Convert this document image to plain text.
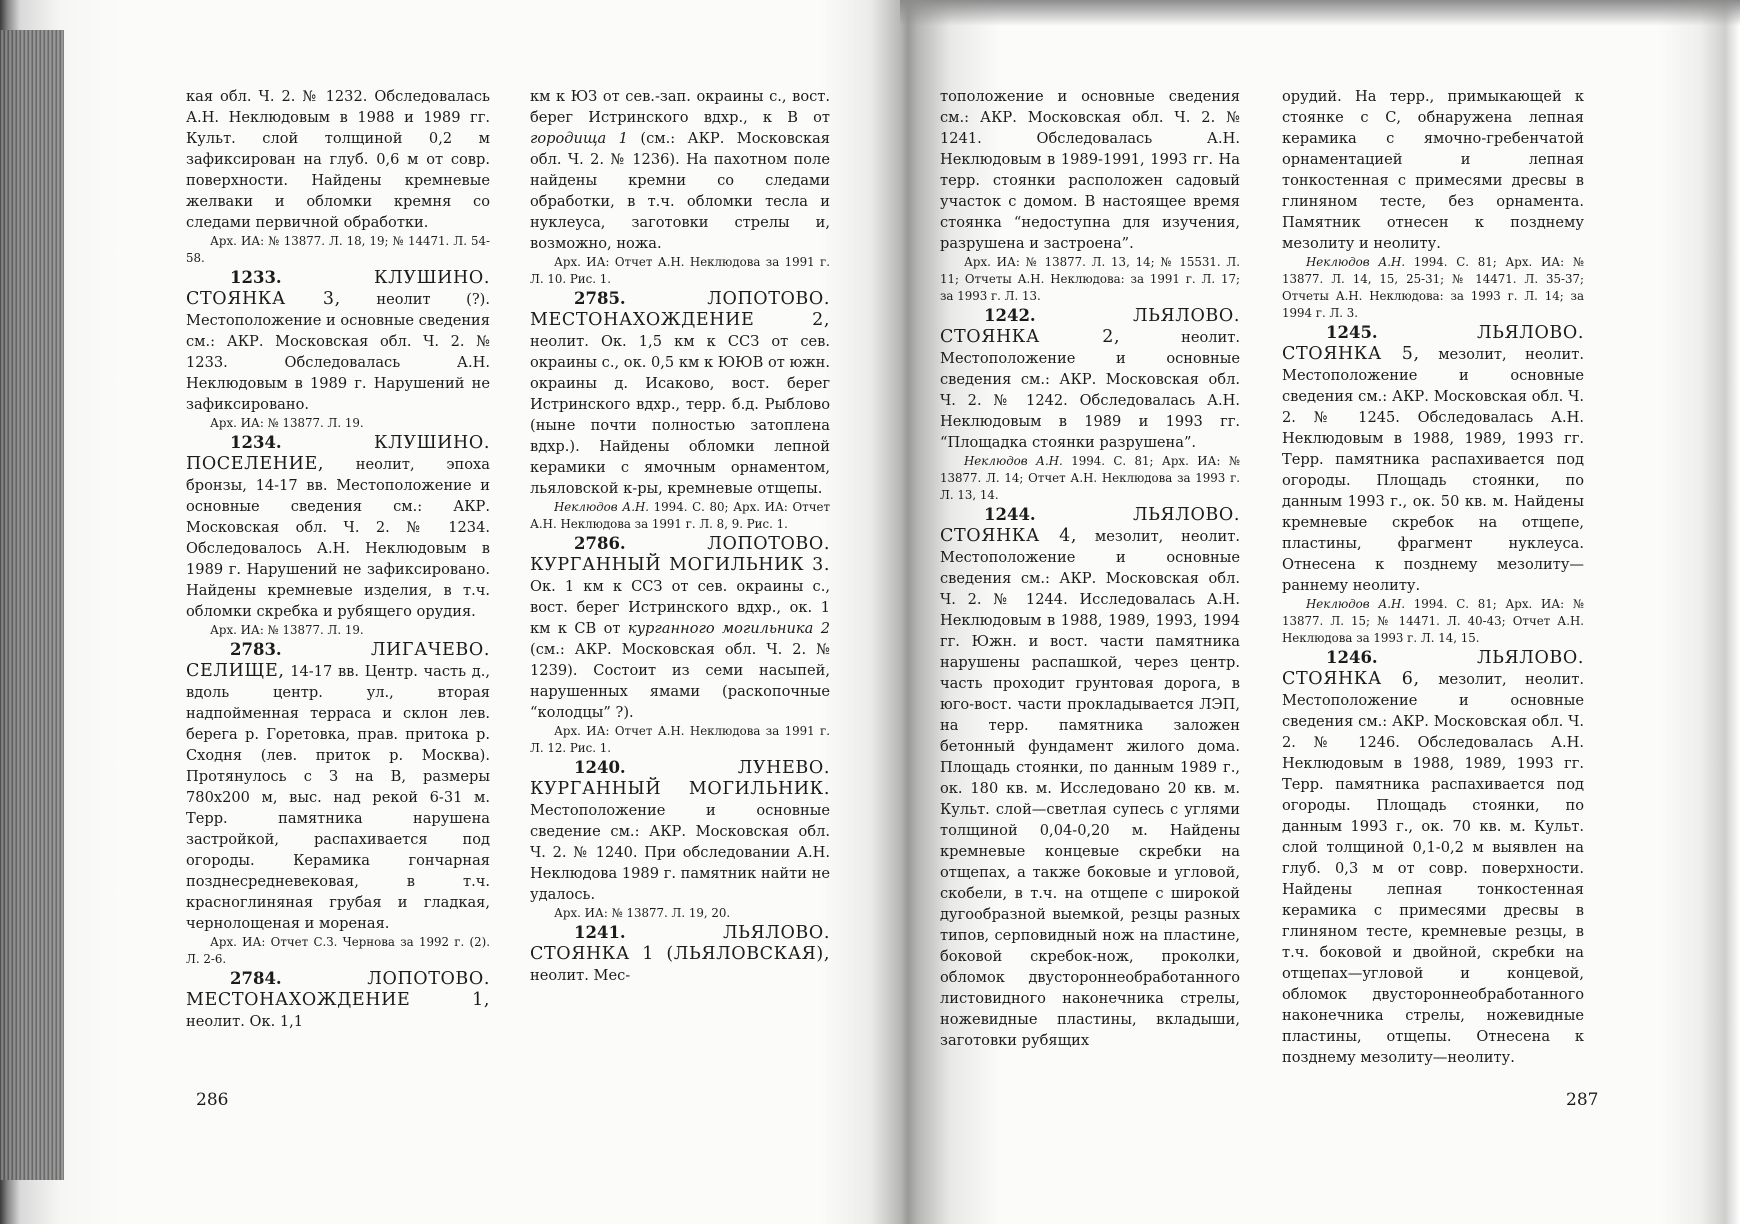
кая обл. Ч. 2. № 1232. Обследовалась А.Н. Неклюдовым в 1988 и 1989 гг. Культ. слой толщиной 0,2 м зафиксирован на глуб. 0,6 м от совр. поверхности. Найдены кремневые желваки и обломки кремня со следами первичной обработки.

Арх. ИА: № 13877. Л. 18, 19; № 14471. Л. 54-58.

1233.	КЛУШИНО. СТОЯНКА 3, неолит (?). Местоположение и основные сведения см.: АКР. Московская обл. Ч. 2. № 1233. Обследовалась А.Н. Неклюдовым в 1989 г. Нарушений не зафиксировано.

Арх. ИА: № 13877. Л. 19.

1234.	КЛУШИНО. ПОСЕЛЕНИЕ, неолит, эпоха бронзы, 14-17 вв. Местоположение и основные сведения см.: АКР. Московская обл. Ч. 2. № 1234. Обследовалось А.Н. Неклюдовым в 1989 г. Нарушений не зафиксировано. Найдены кремневые изделия, в т.ч. обломки скребка и рубящего орудия.

Арх. ИА: № 13877. Л. 19.

2783.	ЛИГАЧЕВО. СЕЛИЩЕ, 14-17 вв. Центр. часть д., вдоль центр. ул., вторая надпойменная терраса и склон лев. берега р. Горетовка, прав. притока р. Сходня (лев. приток р. Москва). Протянулось с З на В, размеры 780х200 м, выс. над рекой 6-31 м. Терр. памятника нарушена застройкой, распахивается под огороды. Керамика гончарная позднесредневековая, в т.ч. красноглиняная грубая и гладкая, чернолощеная и мореная.

Арх. ИА: Отчет С.З. Чернова за 1992 г. (2). Л. 2-6.

2784.	ЛОПОТОВО. МЕСТОНАХОЖДЕНИЕ 1, неолит. Ок. 1,1

км к ЮЗ от сев.-зап. окраины с., вост. берег Истринского вдхр., к В от городища 1 (см.: АКР. Московская обл. Ч. 2. № 1236). На пахотном поле найдены кремни со следами обработки, в т.ч. обломки тесла и нуклеуса, заготовки стрелы и, возможно, ножа.

Арх. ИА: Отчет А.Н. Неклюдова за 1991 г. Л. 10. Рис. 1.

2785.	ЛОПОТОВО. МЕСТОНАХОЖДЕНИЕ 2, неолит. Ок. 1,5 км к ССЗ от сев. окраины с., ок. 0,5 км к ЮЮВ от южн. окраины д. Исаково, вост. берег Истринского вдхр., терр. б.д. Рыблово (ныне почти полностью затоплена вдхр.). Найдены обломки лепной керамики с ямочным орнаментом, льяловской к-ры, кремневые отщепы.

Неклюдов А.Н. 1994. С. 80; Арх. ИА: Отчет А.Н. Неклюдова за 1991 г. Л. 8, 9. Рис. 1.

2786.	ЛОПОТОВО. КУРГАННЫЙ МОГИЛЬНИК 3. Ок. 1 км к ССЗ от сев. окраины с., вост. берег Истринского вдхр., ок. 1 км к СВ от курганного могильника 2 (см.: АКР. Московская обл. Ч. 2. № 1239). Состоит из семи насыпей, нарушенных ямами (раскопочные “колодцы” ?).

Арх. ИА: Отчет А.Н. Неклюдова за 1991 г. Л. 12. Рис. 1.

1240.	ЛУНЕВО. КУРГАННЫЙ МОГИЛЬНИК. Местоположение и основные сведение см.: АКР. Московская обл. Ч. 2. № 1240. При обследовании А.Н. Неклюдова 1989 г. памятник найти не удалось.

Арх. ИА: № 13877. Л. 19, 20.

1241.	ЛЬЯЛОВО. СТОЯНКА 1 (ЛЬЯЛОВСКАЯ), неолит. Мес-

286

тоположение и основные сведения см.: АКР. Московская обл. Ч. 2. № 1241. Обследовалась А.Н. Неклюдовым в 1989-1991, 1993 гг. На терр. стоянки расположен садовый участок с домом. В настоящее время стоянка “недоступна для изучения, разрушена и застроена”.

Арх. ИА: № 13877. Л. 13, 14; № 15531. Л. 11; Отчеты А.Н. Неклюдова: за 1991 г. Л. 17; за 1993 г. Л. 13.

1242.	ЛЬЯЛОВО. СТОЯНКА 2,	неолит. Местоположение и основные сведения см.: АКР. Московская обл. Ч. 2. № 1242. Обследовалась А.Н. Неклюдовым в 1989 и 1993 гг. “Площадка стоянки разрушена”.

Неклюдов А.Н. 1994. С. 81; Арх. ИА: № 13877. Л. 14; Отчет А.Н. Неклюдова за 1993 г. Л. 13, 14.

1244.	ЛЬЯЛОВО. СТОЯНКА 4, мезолит, неолит. Местоположение и основные сведения см.: АКР. Московская обл. Ч. 2. № 1244. Исследовалась А.Н. Неклюдовым в 1988, 1989, 1993, 1994 гг. Южн. и вост. части памятника нарушены распашкой, через центр. часть проходит грунтовая дорога, в юго-вост. части прокладывается ЛЭП, на терр. памятника заложен бетонный фундамент жилого дома. Площадь стоянки, по данным 1989 г., ок. 180 кв. м. Исследовано 20 кв. м. Культ. слой—светлая супесь с углями толщиной 0,04-0,20 м. Найдены кремневые концевые скребки на отщепах, а также боковые и угловой, скобели, в т.ч. на отщепе с широкой дугообразной выемкой, резцы разных типов, серповидный нож на пластине, боковой скребок-нож, проколки, обломок двустороннеобработанного листовидного наконечника стрелы, ножевидные пластины, вкладыши, заготовки рубящих

орудий. На терр., примыкающей к стоянке с С, обнаружена лепная керамика с ямочно-гребенчатой орнаментацией и лепная тонкостенная с примесями дресвы в глиняном тесте, без орнамента. Памятник отнесен к позднему мезолиту и неолиту.

Неклюдов А.Н. 1994. С. 81; Арх. ИА: № 13877. Л. 14, 15, 25-31; № 14471. Л. 35-37; Отчеты А.Н. Неклюдова: за 1993 г. Л. 14; за 1994 г. Л. 3.

1245.	ЛЬЯЛОВО. СТОЯНКА 5, мезолит, неолит. Местоположение и основные сведения см.: АКР. Московская обл. Ч. 2. № 1245. Обследовалась А.Н. Неклюдовым в 1988, 1989, 1993 гг. Терр. памятника распахивается под огороды. Площадь стоянки, по данным 1993 г., ок. 50 кв. м. Найдены кремневые скребок на отщепе, пластины, фрагмент нуклеуса. Отнесена к позднему мезолиту—раннему неолиту.

Неклюдов А.Н. 1994. С. 81; Арх. ИА: № 13877. Л. 15; № 14471. Л. 40-43; Отчет А.Н. Неклюдова за 1993 г. Л. 14, 15.

1246.	ЛЬЯЛОВО. СТОЯНКА 6, мезолит, неолит. Местоположение и основные сведения см.: АКР. Московская обл. Ч. 2. № 1246. Обследовалась А.Н. Неклюдовым в 1988, 1989, 1993 гг. Терр. памятника распахивается под огороды. Площадь стоянки, по данным 1993 г., ок. 70 кв. м. Культ. слой толщиной 0,1-0,2 м выявлен на глуб. 0,3 м от совр. поверхности. Найдены лепная тонкостенная керамика с примесями дресвы в глиняном тесте, кремневые резцы, в т.ч. боковой и двойной, скребки на отщепах—угловой и концевой, обломок двустороннеобработанного наконечника стрелы, ножевидные пластины, отщепы. Отнесена к позднему мезолиту—неолиту.

287
